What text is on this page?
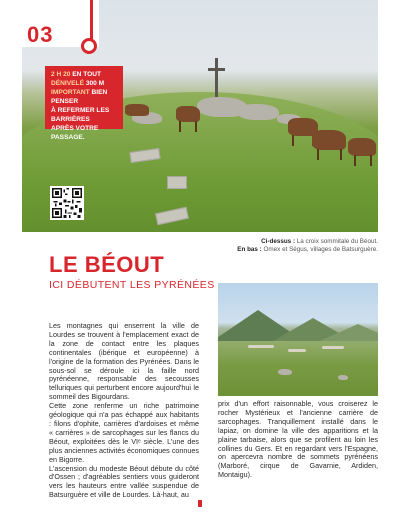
03
2 H 20 EN TOUT
DÉNIVELÉ 300 M
IMPORTANT BIEN PENSER
À REFERMER LES BARRIÈRES
APRÈS VOTRE PASSAGE.
Ci-dessus : La croix sommitale du Béout.
En bas : Omex et Ségus, villages de Batsurguère.
LE BÉOUT
ICI DÉBUTENT LES PYRÉNÉES

Les montagnes qui enserrent la ville de Lourdes se trouvent à l'emplacement exact de la zone de contact entre les plaques continentales (ibérique et européenne) à l'origine de la formation des Pyrénées. Dans le sous-sol se déroule ici la faille nord pyrénéenne, responsable des secousses telluriques qui perturbent encore aujourd'hui le sommeil des Bigourdans.

Cette zone renferme un riche patrimoine géologique qui n'a pas échappé aux habitants : filons d'ophite, carrières d'ardoises et même « carrières » de sarcophages sur les flancs du Béout, exploitées dès le VIᵉ siècle. L'une des plus anciennes activités économiques connues en Bigorre.

L'ascension du modeste Béout débute du côté d'Ossen ; d'agréables sentiers vous guideront vers les hauteurs entre vallée suspendue de Batsurguère et ville de Lourdes. Là-haut, au

prix d'un effort raisonnable, vous croiserez le rocher Mystérieux et l'ancienne carrière de sarcophages. Tranquillement installé dans le lapiaz, on domine la ville des apparitions et la plaine tarbaise, alors que se profilent au loin les collines du Gers. Et en regardant vers l'Espagne, on apercevra nombre de sommets pyrénéens (Marboré, cirque de Gavarnie, Ardiden, Montaigu).
